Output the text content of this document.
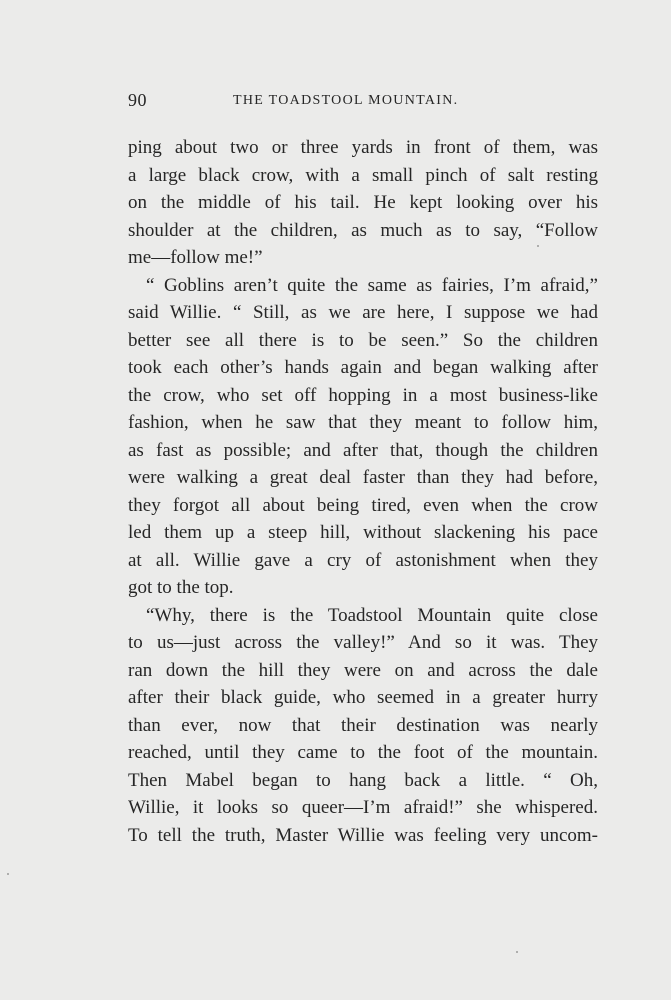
90	THE TOADSTOOL MOUNTAIN.
ping about two or three yards in front of them, was
a large black crow, with a small pinch of salt resting
on the middle of his tail. He kept looking over his
shoulder at the children, as much as to say, “Follow
me—follow me!”
“ Goblins aren’t quite the same as fairies, I’m afraid,”
said Willie. “ Still, as we are here, I suppose we had
better see all there is to be seen.” So the children
took each other’s hands again and began walking after
the crow, who set off hopping in a most business-like
fashion, when he saw that they meant to follow him,
as fast as possible; and after that, though the children
were walking a great deal faster than they had before,
they forgot all about being tired, even when the crow
led them up a steep hill, without slackening his pace
at all. Willie gave a cry of astonishment when they
got to the top.
“Why, there is the Toadstool Mountain quite close
to us—just across the valley!” And so it was. They
ran down the hill they were on and across the dale
after their black guide, who seemed in a greater hurry
than ever, now that their destination was nearly
reached, until they came to the foot of the mountain.
Then Mabel began to hang back a little. “ Oh,
Willie, it looks so queer—I’m afraid!” she whispered.
To tell the truth, Master Willie was feeling very uncom-
